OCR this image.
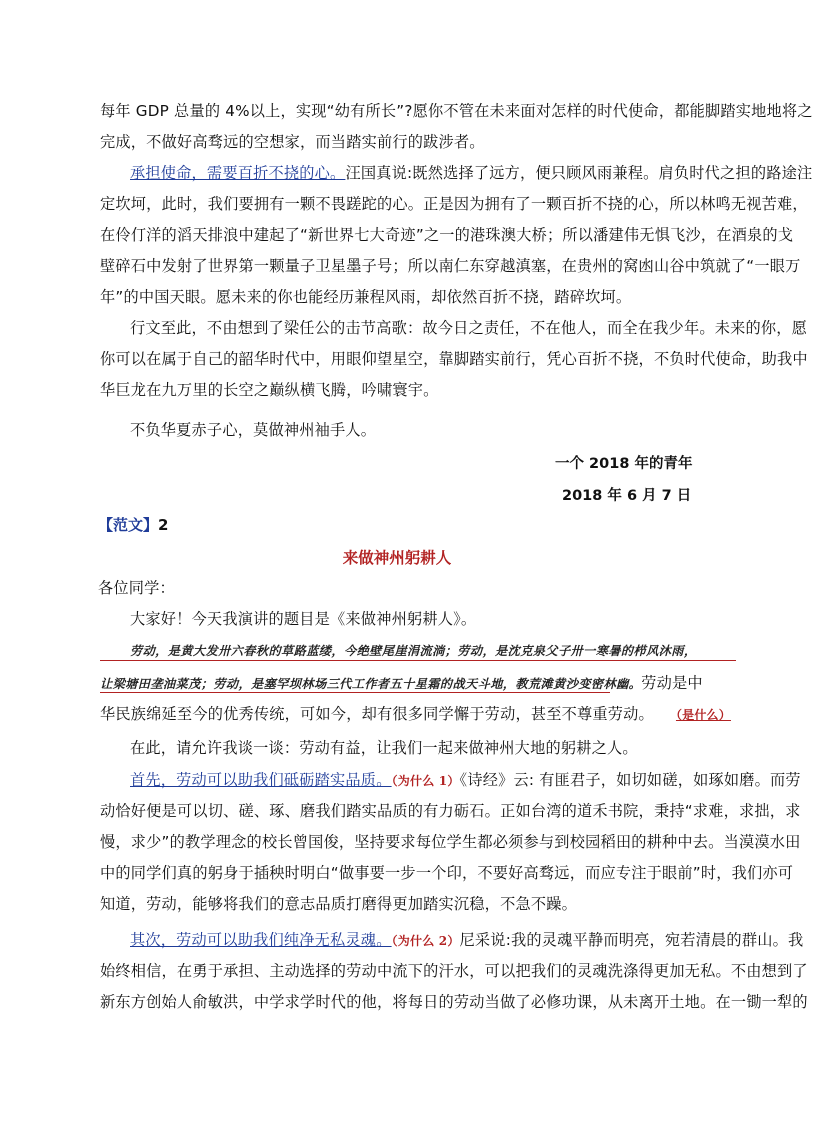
每年 GDP 总量的 4%以上，实现“幼有所长”?愿你不管在未来面对怎样的时代使命，都能脚踏实地地将之
完成，不做好高骛远的空想家，而当踏实前行的跋涉者。
承担使命，需要百折不挠的心。汪国真说:既然选择了远方，便只顾风雨兼程。肩负时代之担的路途注
定坎坷，此时，我们要拥有一颗不畏蹉跎的心。正是因为拥有了一颗百折不挠的心，所以林鸣无视苦难，
在伶仃洋的滔天排浪中建起了“新世界七大奇迹”之一的港珠澳大桥；所以潘建伟无惧飞沙，在酒泉的戈
壁碎石中发射了世界第一颗量子卫星墨子号；所以南仁东穿越滇塞，在贵州的窝凼山谷中筑就了“一眼万
年”的中国天眼。愿未来的你也能经历兼程风雨，却依然百折不挠，踏碎坎坷。
行文至此，不由想到了梁任公的击节高歌：故今日之责任，不在他人，而全在我少年。未来的你，愿
你可以在属于自己的韶华时代中，用眼仰望星空，靠脚踏实前行，凭心百折不挠，不负时代使命，助我中
华巨龙在九万里的长空之巅纵横飞腾，吟啸寰宇。
不负华夏赤子心，莫做神州袖手人。
一个 2018 年的青年
2018 年 6 月 7 日
【范文】2
来做神州躬耕人
各位同学：
大家好！今天我演讲的题目是《来做神州躬耕人》。
劳动，是黄大发卅六春秋的草路蓝缕，今绝壁尾崖涓流淌；劳动，是沈克泉父子卅一寒暑的栉风沐雨，
让梁塘田垄油菜茂；劳动，是塞罕坝林场三代工作者五十星霜的战天斗地，教荒滩黄沙变密林幽。劳动是中
华民族绵延至今的优秀传统，可如今，却有很多同学懈于劳动，甚至不尊重劳动。 （是什么）
在此，请允许我谈一谈：劳动有益，让我们一起来做神州大地的躬耕之人。
首先，劳动可以助我们砥砺踏实品质。（为什么 1）《诗经》云: 有匪君子，如切如磋，如琢如磨。而劳
动恰好便是可以切、磋、琢、磨我们踏实品质的有力砺石。正如台湾的道禾书院，秉持“求难，求拙，求
慢，求少”的教学理念的校长曾国俊，坚持要求每位学生都必须参与到校园稻田的耕种中去。当漠漠水田
中的同学们真的躬身于插秧时明白“做事要一步一个印，不要好高骛远，而应专注于眼前”时，我们亦可
知道，劳动，能够将我们的意志品质打磨得更加踏实沉稳，不急不躁。
其次，劳动可以助我们纯净无私灵魂。（为什么 2）尼采说:我的灵魂平静而明亮，宛若清晨的群山。我
始终相信，在勇于承担、主动选择的劳动中流下的汗水，可以把我们的灵魂洗涤得更加无私。不由想到了
新东方创始人俞敏洪，中学求学时代的他，将每日的劳动当做了必修功课，从未离开土地。在一锄一犁的
